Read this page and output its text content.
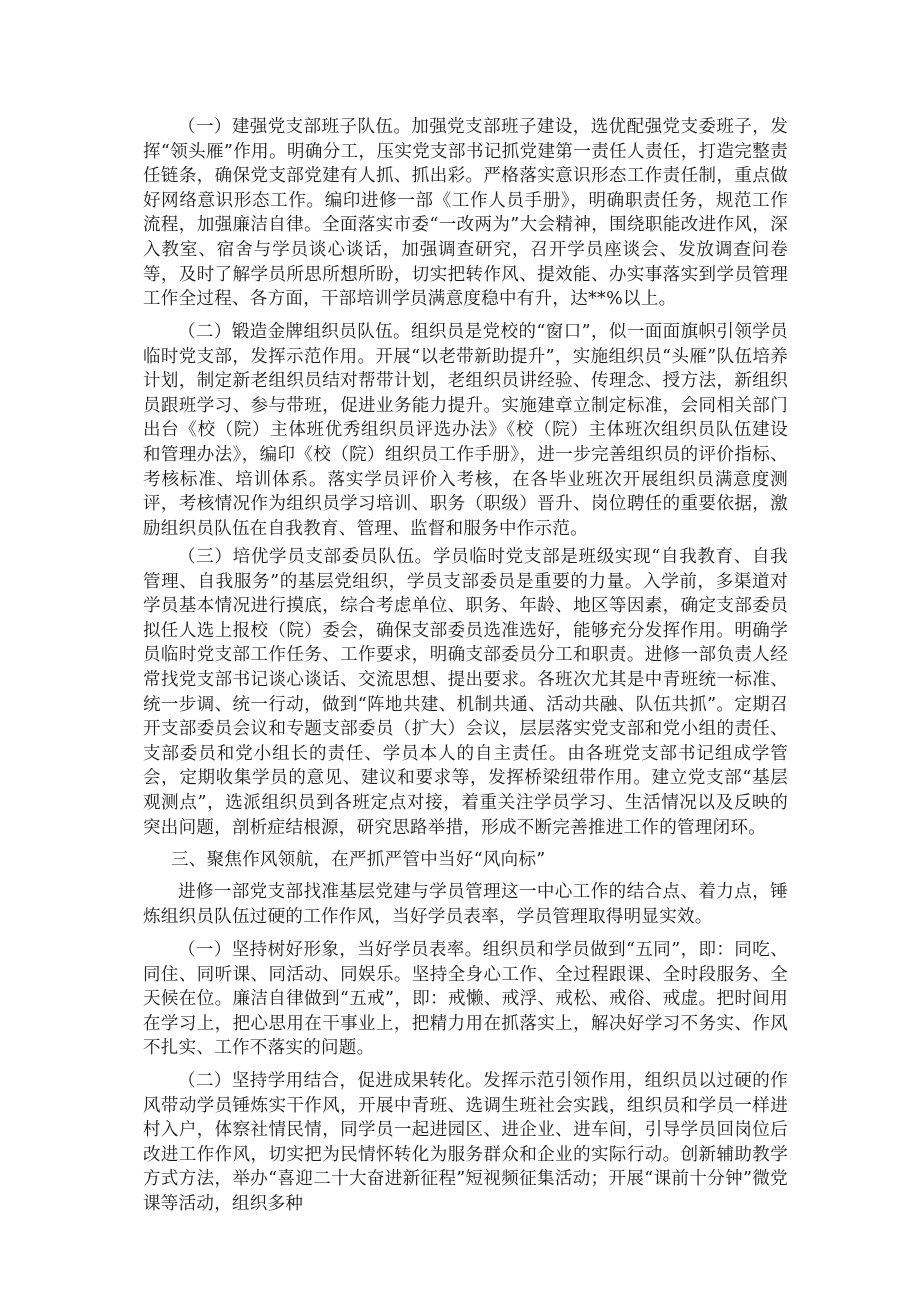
（一）建强党支部班子队伍。加强党支部班子建设，选优配强党支委班子，发挥“领头雁”作用。明确分工，压实党支部书记抓党建第一责任人责任，打造完整责任链条，确保党支部党建有人抓、抓出彩。严格落实意识形态工作责任制，重点做好网络意识形态工作。编印进修一部《工作人员手册》，明确职责任务，规范工作流程，加强廉洁自律。全面落实市委“一改两为”大会精神，围绕职能改进作风，深入教室、宿舍与学员谈心谈话，加强调查研究，召开学员座谈会、发放调查问卷等，及时了解学员所思所想所盼，切实把转作风、提效能、办实事落实到学员管理工作全过程、各方面，干部培训学员满意度稳中有升，达**%以上。

（二）锻造金牌组织员队伍。组织员是党校的“窗口”，似一面面旗帜引领学员临时党支部，发挥示范作用。开展“以老带新助提升”，实施组织员“头雁”队伍培养计划，制定新老组织员结对帮带计划，老组织员讲经验、传理念、授方法，新组织员跟班学习、参与带班，促进业务能力提升。实施建章立制定标准，会同相关部门出台《校（院）主体班优秀组织员评选办法》《校（院）主体班次组织员队伍建设和管理办法》，编印《校（院）组织员工作手册》，进一步完善组织员的评价指标、考核标准、培训体系。落实学员评价入考核，在各毕业班次开展组织员满意度测评，考核情况作为组织员学习培训、职务（职级）晋升、岗位聘任的重要依据，激励组织员队伍在自我教育、管理、监督和服务中作示范。

（三）培优学员支部委员队伍。学员临时党支部是班级实现“自我教育、自我管理、自我服务”的基层党组织，学员支部委员是重要的力量。入学前，多渠道对学员基本情况进行摸底，综合考虑单位、职务、年龄、地区等因素，确定支部委员拟任人选上报校（院）委会，确保支部委员选准选好，能够充分发挥作用。明确学员临时党支部工作任务、工作要求，明确支部委员分工和职责。进修一部负责人经常找党支部书记谈心谈话、交流思想、提出要求。各班次尤其是中青班统一标准、统一步调、统一行动，做到“阵地共建、机制共通、活动共融、队伍共抓”。定期召开支部委员会议和专题支部委员（扩大）会议，层层落实党支部和党小组的责任、支部委员和党小组长的责任、学员本人的自主责任。由各班党支部书记组成学管会，定期收集学员的意见、建议和要求等，发挥桥梁纽带作用。建立党支部“基层观测点”，选派组织员到各班定点对接，着重关注学员学习、生活情况以及反映的突出问题，剖析症结根源，研究思路举措，形成不断完善推进工作的管理闭环。

三、聚焦作风领航，在严抓严管中当好“风向标”

进修一部党支部找准基层党建与学员管理这一中心工作的结合点、着力点，锤炼组织员队伍过硬的工作作风，当好学员表率，学员管理取得明显实效。

（一）坚持树好形象，当好学员表率。组织员和学员做到“五同”，即：同吃、同住、同听课、同活动、同娱乐。坚持全身心工作、全过程跟课、全时段服务、全天候在位。廉洁自律做到“五戒”，即：戒懒、戒浮、戒松、戒俗、戒虚。把时间用在学习上，把心思用在干事业上，把精力用在抓落实上，解决好学习不务实、作风不扎实、工作不落实的问题。

（二）坚持学用结合，促进成果转化。发挥示范引领作用，组织员以过硬的作风带动学员锤炼实干作风，开展中青班、选调生班社会实践，组织员和学员一样进村入户，体察社情民情，同学员一起进园区、进企业、进车间，引导学员回岗位后改进工作作风，切实把为民情怀转化为服务群众和企业的实际行动。创新辅助教学方式方法，举办“喜迎二十大奋进新征程”短视频征集活动；开展“课前十分钟”微党课等活动，组织多种
